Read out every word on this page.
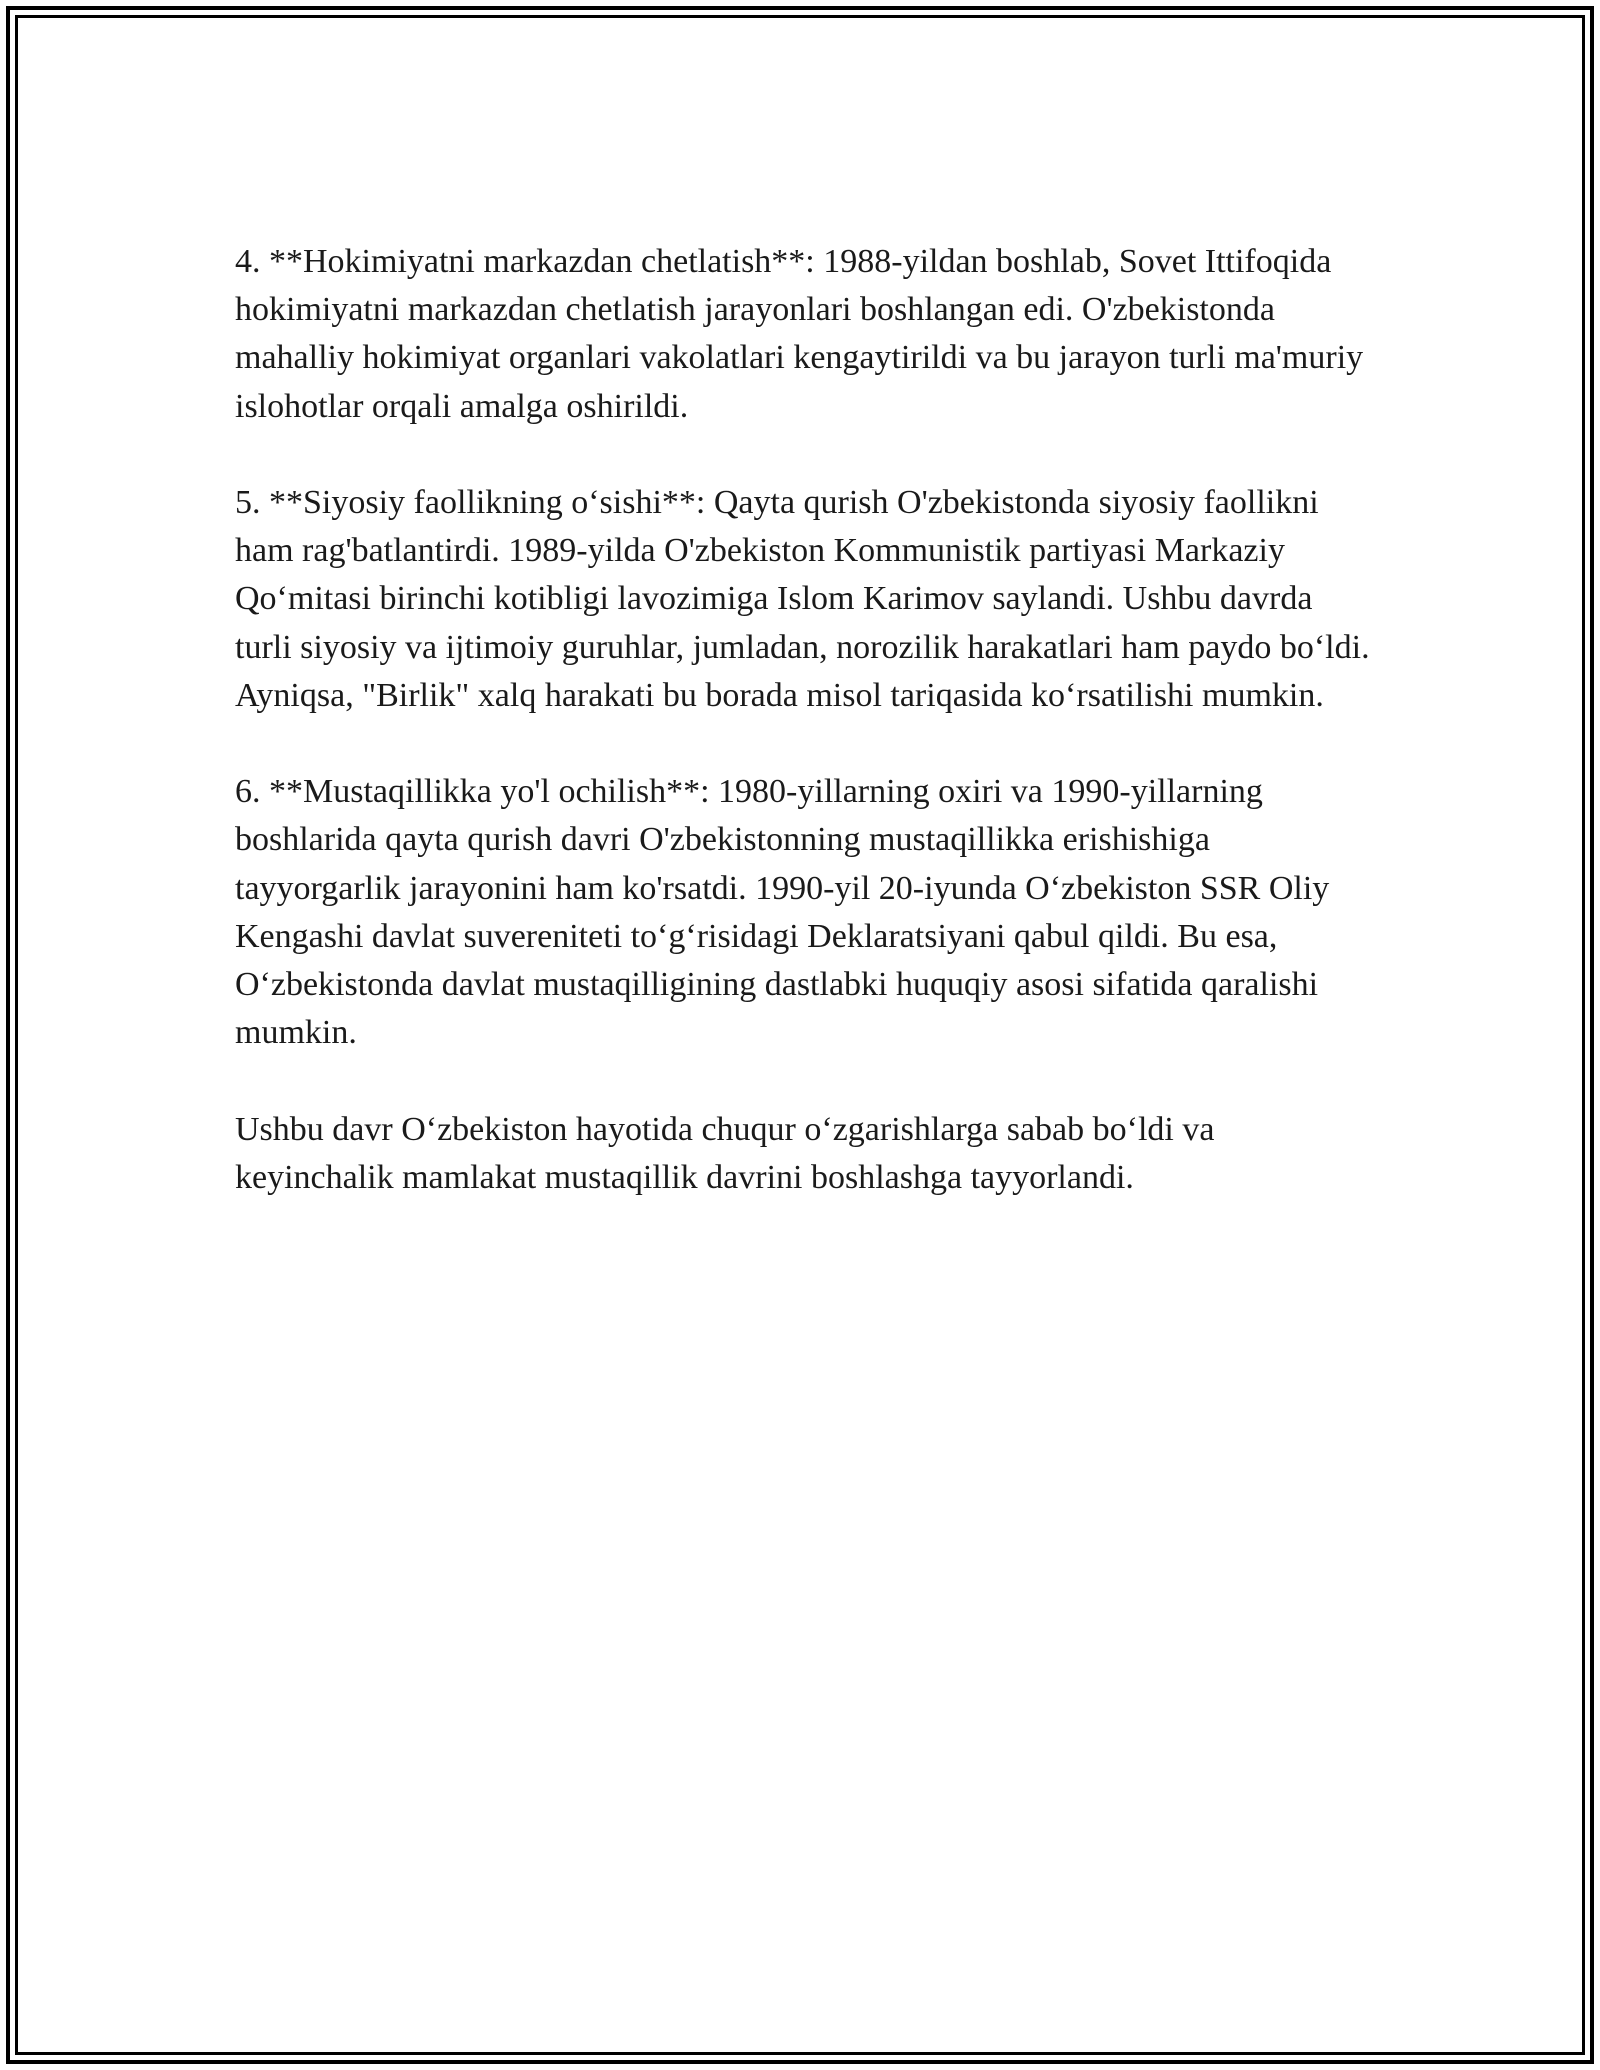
4. **Hokimiyatni markazdan chetlatish**: 1988-yildan boshlab, Sovet Ittifoqida hokimiyatni markazdan chetlatish jarayonlari boshlangan edi. O'zbekistonda mahalliy hokimiyat organlari vakolatlari kengaytirildi va bu jarayon turli ma'muriy islohotlar orqali amalga oshirildi.

5. **Siyosiy faollikning o‘sishi**: Qayta qurish O'zbekistonda siyosiy faollikni ham rag'batlantirdi. 1989-yilda O'zbekiston Kommunistik partiyasi Markaziy Qo‘mitasi birinchi kotibligi lavozimiga Islom Karimov saylandi. Ushbu davrda turli siyosiy va ijtimoiy guruhlar, jumladan, norozilik harakatlari ham paydo bo‘ldi. Ayniqsa, "Birlik" xalq harakati bu borada misol tariqasida ko‘rsatilishi mumkin.

6. **Mustaqillikka yo'l ochilish**: 1980-yillarning oxiri va 1990-yillarning boshlarida qayta qurish davri O'zbekistonning mustaqillikka erishishiga tayyorgarlik jarayonini ham ko'rsatdi. 1990-yil 20-iyunda O‘zbekiston SSR Oliy Kengashi davlat suvereniteti to‘g‘risidagi Deklaratsiyani qabul qildi. Bu esa, O‘zbekistonda davlat mustaqilligining dastlabki huquqiy asosi sifatida qaralishi mumkin.

Ushbu davr O‘zbekiston hayotida chuqur o‘zgarishlarga sabab bo‘ldi va keyinchalik mamlakat mustaqillik davrini boshlashga tayyorlandi.
